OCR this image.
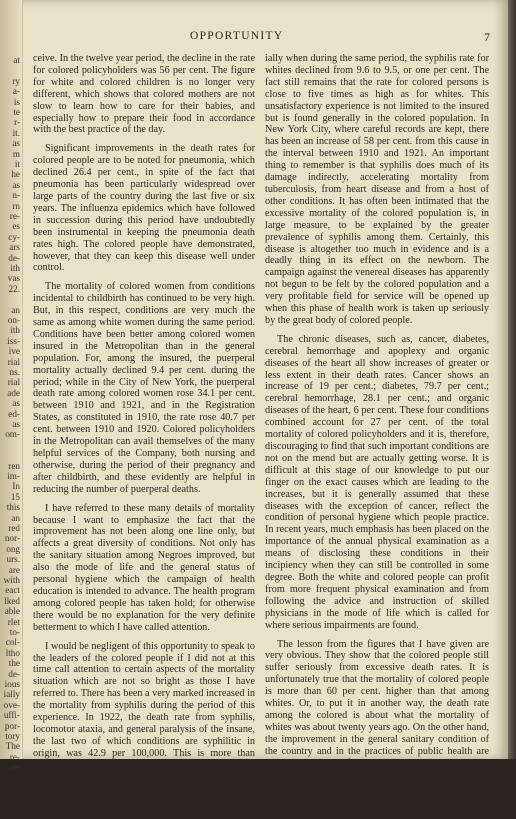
at
ry
a-
is
te
r-
it.
as
m
it
he
as
n-
rn
re-
es
cy-
ars
de-
ith
vas
22.
an
on-
ith
iss-
ive
rial
ns.
rial
ade
as
ed-
as
om-
ren
im-
In
15
this
an
red
nor-
ong
urs.
are
with
eact
lked
able
rlet
to-
col-
ltho
the
de-
ious
ially
ove-
uffi-
por-
tory
The
re-
re-
OPPORTUNITY	7

ceive. In the twelve year period, the decline in the rate for colored policyholders was 56 per cent. The figure for white and colored children is no longer very different, which shows that colored mothers are not slow to learn how to care for their babies, and especially how to prepare their food in accordance with the best practice of the day.

Significant improvements in the death rates for colored people are to be noted for pneumonia, which declined 26.4 per cent., in spite of the fact that pneumonia has been particularly widespread over large parts of the country during the last five or six years. The influenza epidemics which have followed in succession during this period have undoubtedly been instrumental in keeping the pneumonia death rates high. The colored people have demonstrated, however, that they can keep this disease well under control.

The mortality of colored women from conditions incidental to childbirth has continued to be very high. But, in this respect, conditions are very much the same as among white women during the same period. Conditions have been better among colored women insured in the Metropolitan than in the general population. For, among the insured, the puerperal mortality actually declined 9.4 per cent. during the period; while in the City of New York, the puerperal death rate among colored women rose 34.1 per cent. between 1910 and 1921, and in the Registration States, as constituted in 1910, the rate rose 40.7 per cent. between 1910 and 1920. Colored policyholders in the Metropolitan can avail themselves of the many helpful services of the Company, both nursing and otherwise, during the period of their pregnancy and after childbirth, and these evidently are helpful in reducing the number of puerperal deaths.

I have referred to these many details of mortality because I want to emphasize the fact that the improvement has not been along one line only, but affects a great diversity of conditions. Not only has the sanitary situation among Negroes improved, but also the mode of life and the general status of personal hygiene which the campaign of health education is intended to advance. The health program among colored people has taken hold; for otherwise there would be no explanation for the very definite betterment to which I have called attention.

I would be negligent of this opportunity to speak to the leaders of the colored people if I did not at this time call attention to certain aspects of the mortality situation which are not so bright as those I have referred to. There has been a very marked increased in the mortality from syphilis during the period of this experience. In 1922, the death rate from syphilis, locomotor ataxia, and general paralysis of the insane, the last two of which conditions are syphilitic in origin, was 42.9 per 100,000. This is more than double the rate in 1911. It may well be that some of the increase is the result of franker and better reporting of these diseases by physicians, but I doubt very much whether that is sufficient to explain the increase of 110 per cent., espec-

ially when during the same period, the syphilis rate for whites declined from 9.6 to 9.5, or one per cent. The fact still remains that the rate for colored persons is close to five times as high as for whites. This unsatisfactory experience is not limited to the insured but is found generally in the colored population. In New York City, where careful records are kept, there has been an increase of 58 per cent. from this cause in the interval between 1910 and 1921. An important thing to remember is that syphilis does much of its damage indirectly, accelerating mortality from tuberculosis, from heart disease and from a host of other conditions. It has often been intimated that the excessive mortality of the colored population is, in large measure, to be explained by the greater prevalence of syphilis among them. Certainly, this disease is altogether too much in evidence and is a deadly thing in its effect on the newborn. The campaign against the venereal diseases has apparently not begun to be felt by the colored population and a very profitable field for service will be opened up when this phase of health work is taken up seriously by the great body of colored people.

The chronic diseases, such as, cancer, diabetes, cerebral hemorrhage and apoplexy and organic diseases of the heart all show increases of greater or less extent in their death rates. Cancer shows an increase of 19 per cent.; diabetes, 79.7 per cent.; cerebral hemorrhage, 28.1 per cent.; and organic diseases of the heart, 6 per cent. These four conditions combined account for 27 per cent. of the total mortality of colored policyholders and it is, therefore, discouraging to find that such important conditions are not on the mend but are actually getting worse. It is difficult at this stage of our knowledge to put our finger on the exact causes which are leading to the increases, but it is generally assumed that these diseases with the exception of cancer, reflect the condition of personal hygiene which people practice. In recent years, much emphasis has been placed on the importance of the annual physical examination as a means of disclosing these conditions in their incipiency when they can still be controlled in some degree. Both the white and colored people can profit from more frequent physical examination and from following the advice and instruction of skilled physicians in the mode of life which is called for where serious impairments are found.

The lesson from the figures that I have given are very obvious. They show that the colored people still suffer seriously from excessive death rates. It is unfortunately true that the mortality of colored people is more than 60 per cent. higher than that among whites. Or, to put it in another way, the death rate among the colored is about what the mortality of whites was about twenty years ago. On the other hand, the improvement in the general sanitary condition of the country and in the practices of public health are making a very definite impress upon the colored people. They are showing remarkable capacity for reducing their mortality to reasonable limits. It is now largely a question of making available to
